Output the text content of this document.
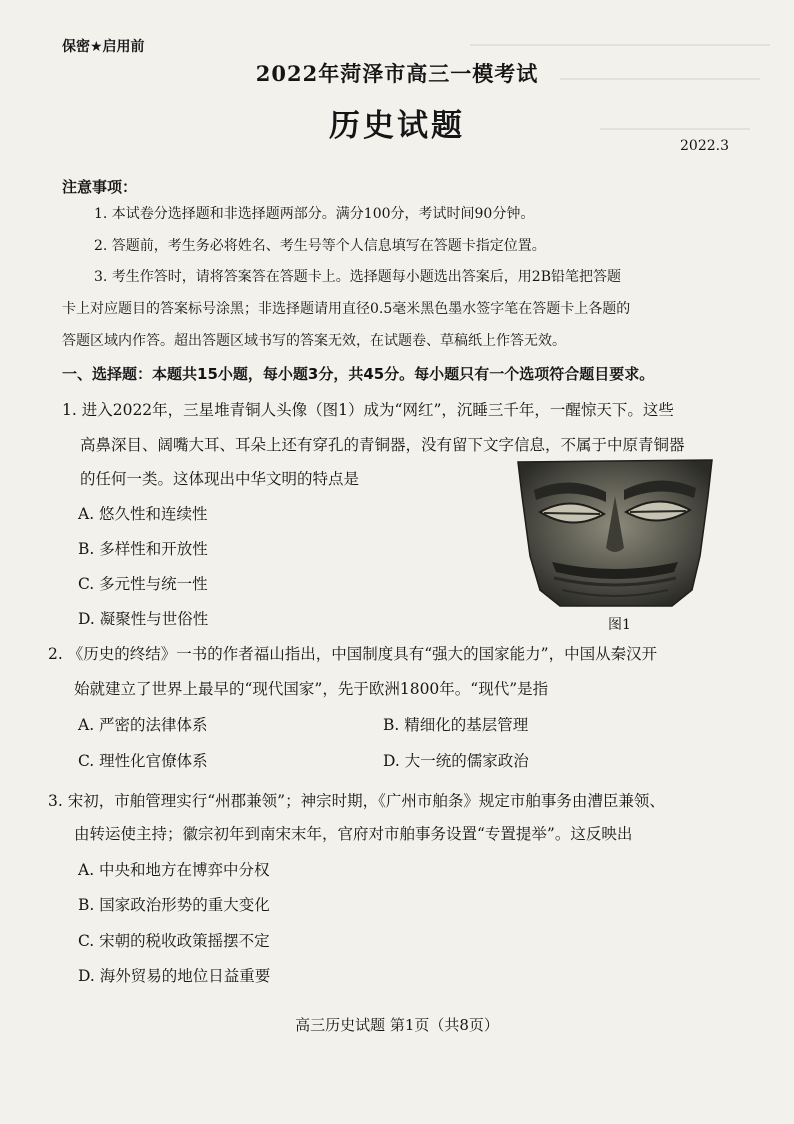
保密★启用前
2022年菏泽市高三一模考试
历史试题
2022.3
注意事项：
1. 本试卷分选择题和非选择题两部分。满分100分，考试时间90分钟。
2. 答题前，考生务必将姓名、考生号等个人信息填写在答题卡指定位置。
3. 考生作答时，请将答案答在答题卡上。选择题每小题选出答案后，用2B铅笔把答题
卡上对应题目的答案标号涂黑；非选择题请用直径0.5毫米黑色墨水签字笔在答题卡上各题的
答题区域内作答。超出答题区域书写的答案无效，在试题卷、草稿纸上作答无效。
一、选择题：本题共15小题，每小题3分，共45分。每小题只有一个选项符合题目要求。
1. 进入2022年，三星堆青铜人头像（图1）成为“网红”，沉睡三千年，一醒惊天下。这些
高鼻深目、阔嘴大耳、耳朵上还有穿孔的青铜器，没有留下文字信息，不属于中原青铜器
的任何一类。这体现出中华文明的特点是
A. 悠久性和连续性
B. 多样性和开放性
C. 多元性与统一性
D. 凝聚性与世俗性	图1
2. 《历史的终结》一书的作者福山指出，中国制度具有“强大的国家能力”，中国从秦汉开
始就建立了世界上最早的“现代国家”，先于欧洲1800年。“现代”是指
A. 严密的法律体系	B. 精细化的基层管理
C. 理性化官僚体系	D. 大一统的儒家政治
3. 宋初，市舶管理实行“州郡兼领”；神宗时期，《广州市舶条》规定市舶事务由漕臣兼领、
由转运使主持；徽宗初年到南宋末年，官府对市舶事务设置“专置提举”。这反映出
A. 中央和地方在博弈中分权
B. 国家政治形势的重大变化
C. 宋朝的税收政策摇摆不定
D. 海外贸易的地位日益重要
高三历史试题 第1页（共8页）
